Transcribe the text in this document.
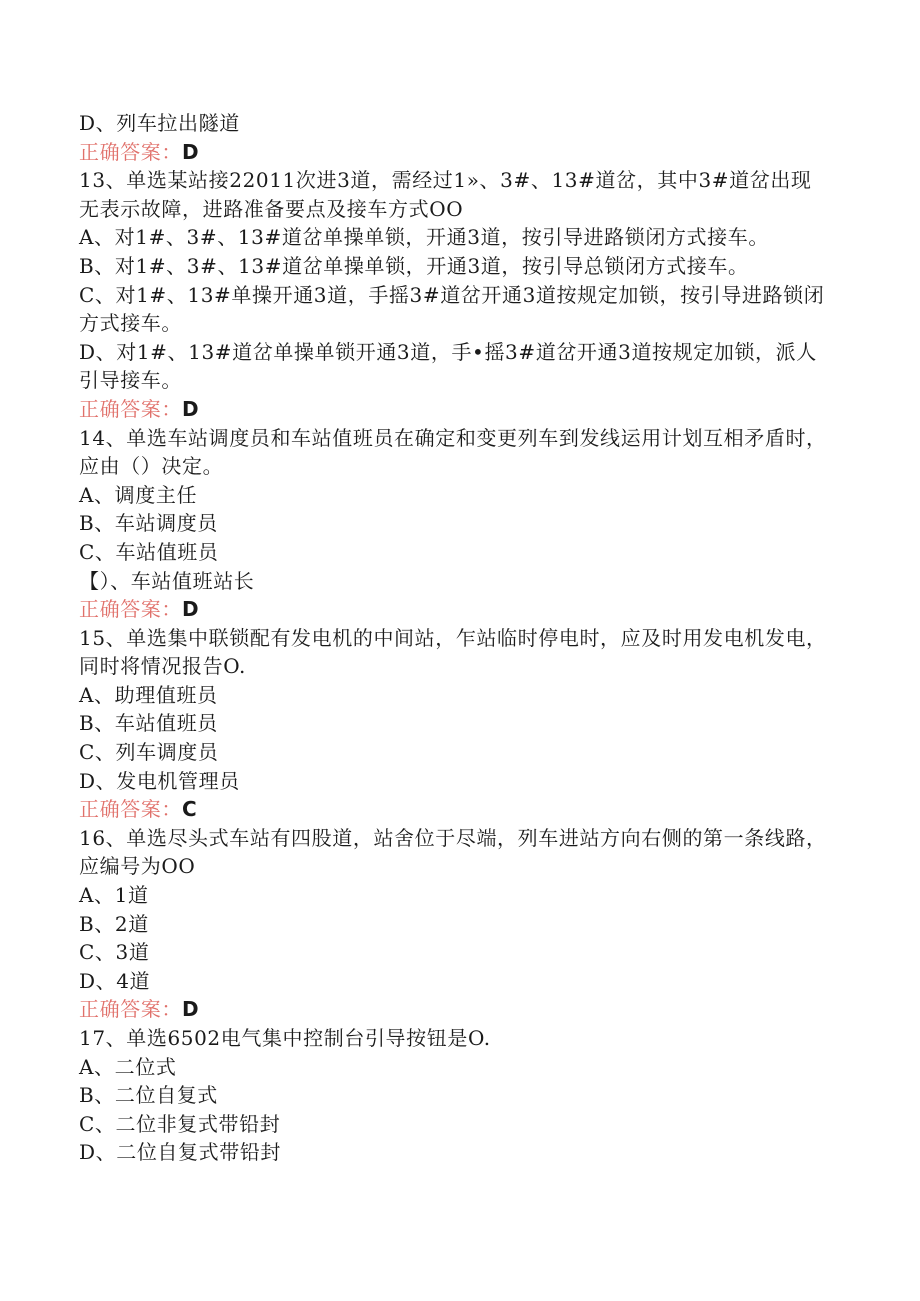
D、列车拉出隧道
正确答案：D
13、单选某站接22011次进3道，需经过1»、3#、13#道岔，其中3#道岔出现无表示故障，进路准备要点及接车方式OO
A、对1#、3#、13#道岔单操单锁，开通3道，按引导进路锁闭方式接车。
B、对1#、3#、13#道岔单操单锁，开通3道，按引导总锁闭方式接车。
C、对1#、13#单操开通3道，手摇3#道岔开通3道按规定加锁，按引导进路锁闭方式接车。
D、对1#、13#道岔单操单锁开通3道，手•摇3#道岔开通3道按规定加锁，派人引导接车。
正确答案：D
14、单选车站调度员和车站值班员在确定和变更列车到发线运用计划互相矛盾时，应由（）决定。
A、调度主任
B、车站调度员
C、车站值班员
【）、车站值班站长
正确答案：D
15、单选集中联锁配有发电机的中间站，乍站临时停电时，应及时用发电机发电，同时将情况报告O.
A、助理值班员
B、车站值班员
C、列车调度员
D、发电机管理员
正确答案：C
16、单选尽头式车站有四股道，站舍位于尽端，列车进站方向右侧的第一条线路，应编号为OO
A、1道
B、2道
C、3道
D、4道
正确答案：D
17、单选6502电气集中控制台引导按钮是O.
A、二位式
B、二位自复式
C、二位非复式带铅封
D、二位自复式带铅封
